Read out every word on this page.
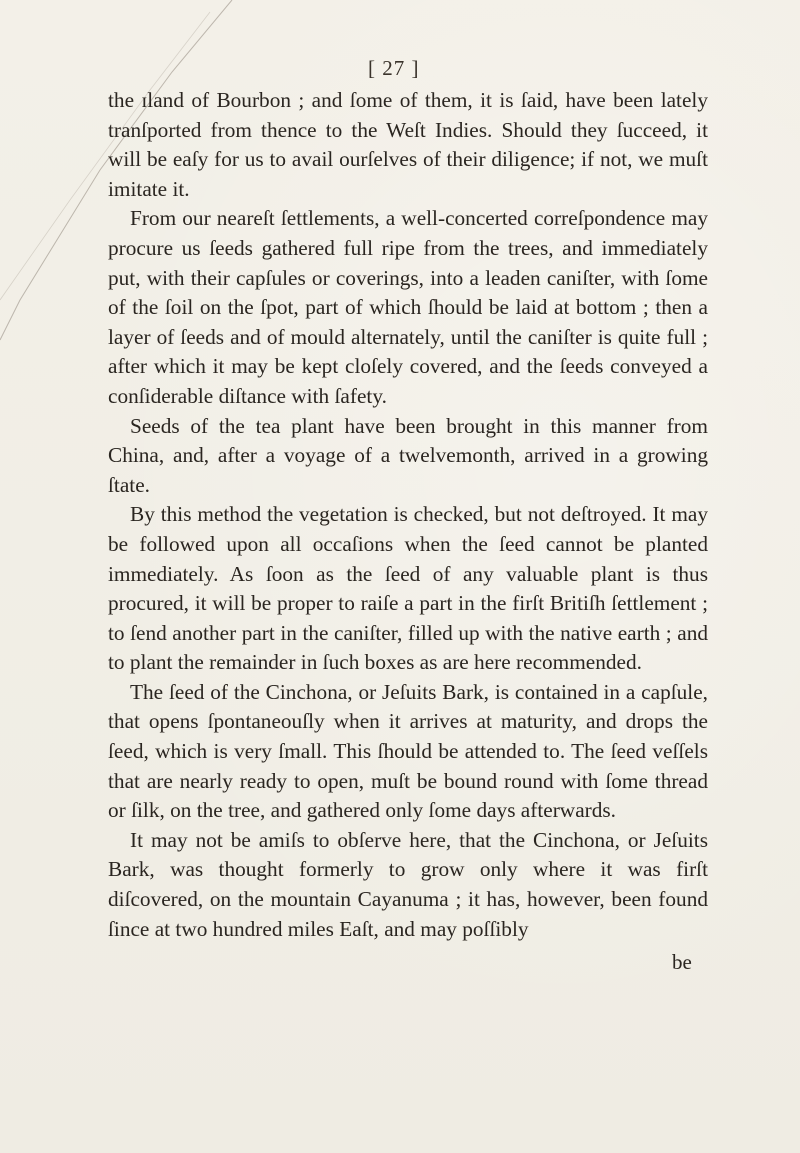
[ 27 ]

the ɪland of Bourbon ; and ſome of them, it is ſaid, have been lately tranſported from thence to the Weſt Indies. Should they ſucceed, it will be eaſy for us to avail ourſelves of their diligence; if not, we muſt imitate it.

From our neareſt ſettlements, a well-concerted correſpondence may procure us ſeeds gathered full ripe from the trees, and immediately put, with their capſules or coverings, into a leaden caniſter, with ſome of the ſoil on the ſpot, part of which ſhould be laid at bottom ; then a layer of ſeeds and of mould alternately, until the caniſter is quite full ; after which it may be kept cloſely covered, and the ſeeds conveyed a conſiderable diſtance with ſafety.

Seeds of the tea plant have been brought in this manner from China, and, after a voyage of a twelvemonth, arrived in a growing ſtate.

By this method the vegetation is checked, but not deſtroyed. It may be followed upon all occaſions when the ſeed cannot be planted immediately. As ſoon as the ſeed of any valuable plant is thus procured, it will be proper to raiſe a part in the firſt Britiſh ſettlement ; to ſend another part in the caniſter, filled up with the native earth ; and to plant the remainder in ſuch boxes as are here recommended.

The ſeed of the Cinchona, or Jeſuits Bark, is contained in a capſule, that opens ſpontaneouſly when it arrives at maturity, and drops the ſeed, which is very ſmall. This ſhould be attended to. The ſeed veſſels that are nearly ready to open, muſt be bound round with ſome thread or ſilk, on the tree, and gathered only ſome days afterwards.

It may not be amiſs to obſerve here, that the Cinchona, or Jeſuits Bark, was thought formerly to grow only where it was firſt diſcovered, on the mountain Cayanuma ; it has, however, been found ſince at two hundred miles Eaſt, and may poſſibly

be
